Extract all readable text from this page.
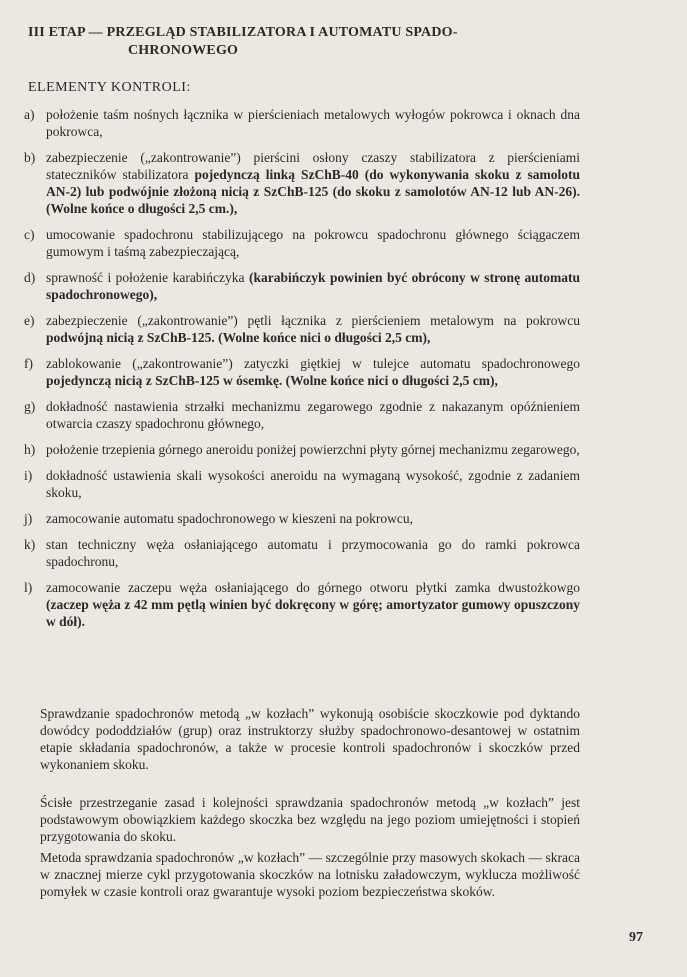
III ETAP — PRZEGLĄD STABILIZATORA I AUTOMATU SPADO-
CHRONOWEGO
ELEMENTY KONTROLI:
a) położenie taśm nośnych łącznika w pierścieniach metalowych wyłogów pokrowca i oknach dna pokrowca,
b) zabezpieczenie („zakontrowanie”) pierścini osłony czaszy stabilizatora z pierścieniami stateczników stabilizatora pojedynczą linką SzChB-40 (do wykonywania skoku z samolotu AN-2) lub podwójnie złożoną nicią z SzChB-125 (do skoku z samolotów AN-12 lub AN-26). (Wolne końce o długości 2,5 cm.),
c) umocowanie spadochronu stabilizującego na pokrowcu spadochronu głównego ściągaczem gumowym i taśmą zabezpieczającą,
d) sprawność i położenie karabińczyka (karabińczyk powinien być obrócony w stronę automatu spadochronowego),
e) zabezpieczenie („zakontrowanie”) pętli łącznika z pierścieniem metalowym na pokrowcu podwójną nicią z SzChB-125. (Wolne końce nici o długości 2,5 cm),
f) zablokowanie („zakontrowanie”) zatyczki giętkiej w tulejce automatu spadochronowego pojedynczą nicią z SzChB-125 w ósemkę. (Wolne końce nici o długości 2,5 cm),
g) dokładność nastawienia strzałki mechanizmu zegarowego zgodnie z nakazanym opóźnieniem otwarcia czaszy spadochronu głównego,
h) położenie trzepienia górnego aneroidu poniżej powierzchni płyty górnej mechanizmu zegarowego,
i)	dokładność ustawienia skali wysokości aneroidu na wymaganą wysokość, zgodnie z zadaniem skoku,
j)	zamocowanie automatu spadochronowego w kieszeni na pokrowcu,
k) stan techniczny węża osłaniającego automatu i przymocowania go do ramki pokrowca spadochronu,
l)	zamocowanie zaczepu węża osłaniającego do górnego otworu płytki zamka dwustożkowgo (zaczep węża z 42 mm pętlą winien być dokręcony w górę; amortyzator gumowy opuszczony w dół).
Sprawdzanie spadochronów metodą „w kozłach” wykonują osobiście skoczkowie pod dyktando dowódcy pododdziałów (grup) oraz instruktorzy służby spadochronowo-desantowej w ostatnim etapie składania spadochronów, a także w procesie kontroli spadochronów i skoczków przed wykonaniem skoku.
Ścisłe przestrzeganie zasad i kolejności sprawdzania spadochronów metodą „w kozłach” jest podstawowym obowiązkiem każdego skoczka bez względu na jego poziom umiejętności i stopień przygotowania do skoku.
Metoda sprawdzania spadochronów „w kozłach” — szczególnie przy masowych skokach — skraca w znacznej mierze cykl przygotowania skoczków na lotnisku załadowczym, wyklucza możliwość pomyłek w czasie kontroli oraz gwarantuje wysoki poziom bezpieczeństwa skoków.
97
